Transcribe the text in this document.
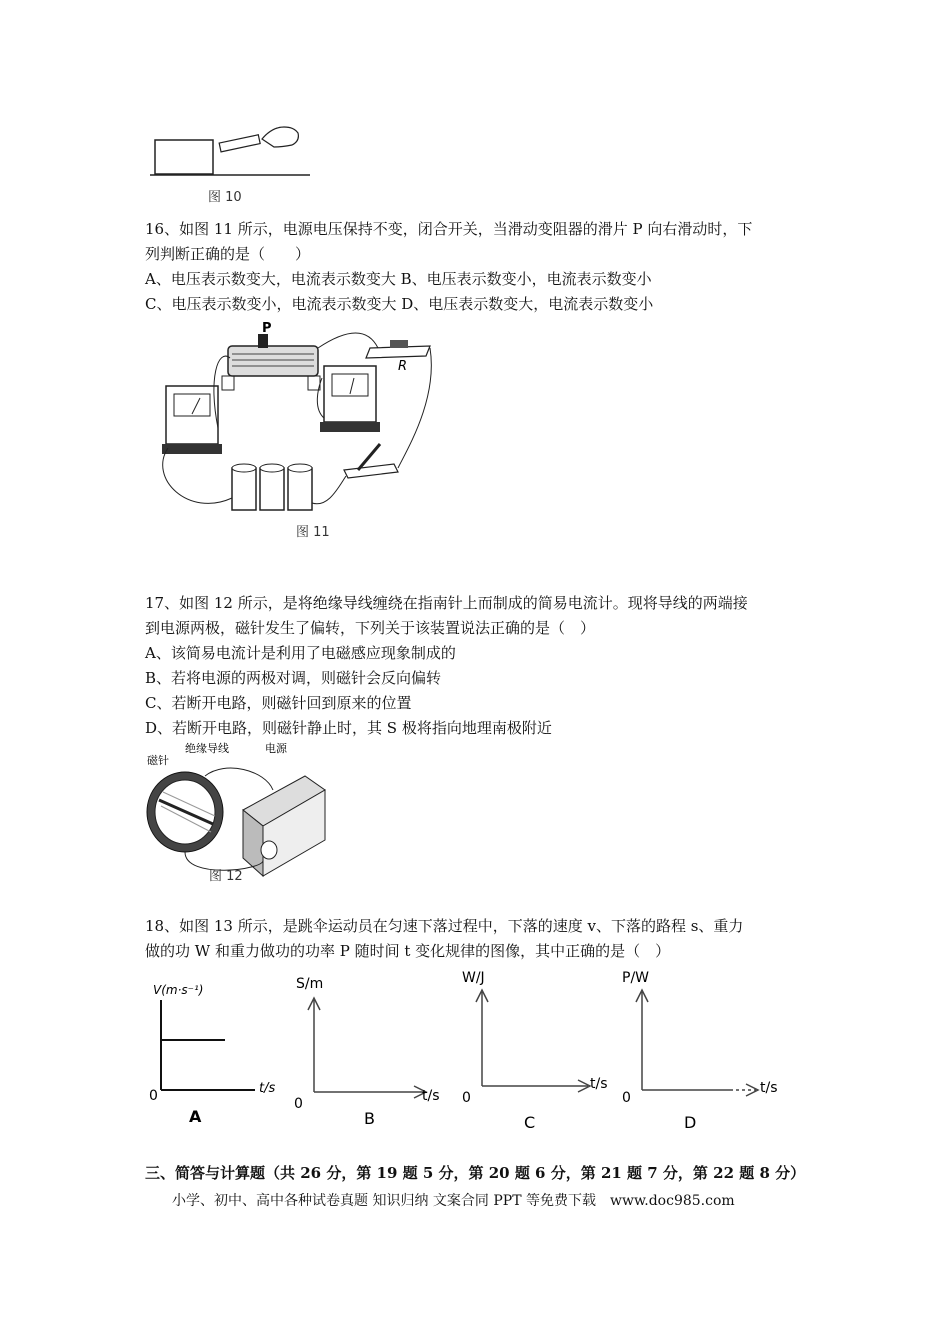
图 10
16、如图 11 所示，电源电压保持不变，闭合开关，当滑动变阻器的滑片 P 向右滑动时，下
列判断正确的是（　　）
A、电压表示数变大，电流表示数变大 B、电压表示数变小，电流表示数变小
C、电压表示数变小，电流表示数变大 D、电压表示数变大，电流表示数变小
P
R
图 11
17、如图 12 所示，是将绝缘导线缠绕在指南针上而制成的简易电流计。现将导线的两端接
到电源两极，磁针发生了偏转，下列关于该装置说法正确的是（　）
A、该简易电流计是利用了电磁感应现象制成的
B、若将电源的两极对调，则磁针会反向偏转
C、若断开电路，则磁针回到原来的位置
D、若断开电路，则磁针静止时，其 S 极将指向地理南极附近
磁针
绝缘导线	电源
图 12
18、如图 13 所示，是跳伞运动员在匀速下落过程中，下落的速度 v、下落的路程 s、重力
做的功 W 和重力做功的功率 P 随时间 t 变化规律的图像，其中正确的是（　）
V(m·s⁻¹)
0	t/s
A
S/m
0	t/s
B
W/J
0
t/s
C
P/W
0
t/s
D
三、简答与计算题（共 26 分，第 19 题 5 分，第 20 题 6 分，第 21 题 7 分，第 22 题 8 分）
小学、初中、高中各种试卷真题 知识归纳 文案合同 PPT 等免费下载　www.doc985.com
